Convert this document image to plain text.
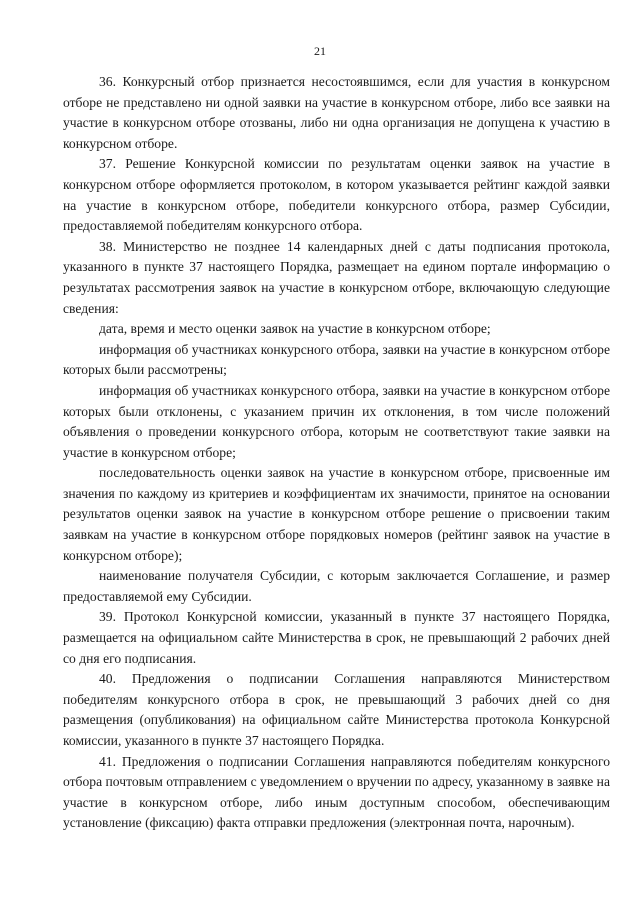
21

36. Конкурсный отбор признается несостоявшимся, если для участия в конкурсном отборе не представлено ни одной заявки на участие в конкурсном отборе, либо все заявки на участие в конкурсном отборе отозваны, либо ни одна организация не допущена к участию в конкурсном отборе.

37. Решение Конкурсной комиссии по результатам оценки заявок на участие в конкурсном отборе оформляется протоколом, в котором указывается рейтинг каждой заявки на участие в конкурсном отборе, победители конкурсного отбора, размер Субсидии, предоставляемой победителям конкурсного отбора.

38. Министерство не позднее 14 календарных дней с даты подписания протокола, указанного в пункте 37 настоящего Порядка, размещает на едином портале информацию о результатах рассмотрения заявок на участие в конкурсном отборе, включающую следующие сведения:

дата, время и место оценки заявок на участие в конкурсном отборе;

информация об участниках конкурсного отбора, заявки на участие в конкурсном отборе которых были рассмотрены;

информация об участниках конкурсного отбора, заявки на участие в конкурсном отборе которых были отклонены, с указанием причин их отклонения, в том числе положений объявления о проведении конкурсного отбора, которым не соответствуют такие заявки на участие в конкурсном отборе;

последовательность оценки заявок на участие в конкурсном отборе, присвоенные им значения по каждому из критериев и коэффициентам их значимости, принятое на основании результатов оценки заявок на участие в конкурсном отборе решение о присвоении таким заявкам на участие в конкурсном отборе порядковых номеров (рейтинг заявок на участие в конкурсном отборе);

наименование получателя Субсидии, с которым заключается Соглашение, и размер предоставляемой ему Субсидии.

39. Протокол Конкурсной комиссии, указанный в пункте 37 настоящего Порядка, размещается на официальном сайте Министерства в срок, не превышающий 2 рабочих дней со дня его подписания.

40. Предложения о подписании Соглашения направляются Министерством победителям конкурсного отбора в срок, не превышающий 3 рабочих дней со дня размещения (опубликования) на официальном сайте Министерства протокола Конкурсной комиссии, указанного в пункте 37 настоящего Порядка.

41. Предложения о подписании Соглашения направляются победителям конкурсного отбора почтовым отправлением с уведомлением о вручении по адресу, указанному в заявке на участие в конкурсном отборе, либо иным доступным способом, обеспечивающим установление (фиксацию) факта отправки предложения (электронная почта, нарочным).
